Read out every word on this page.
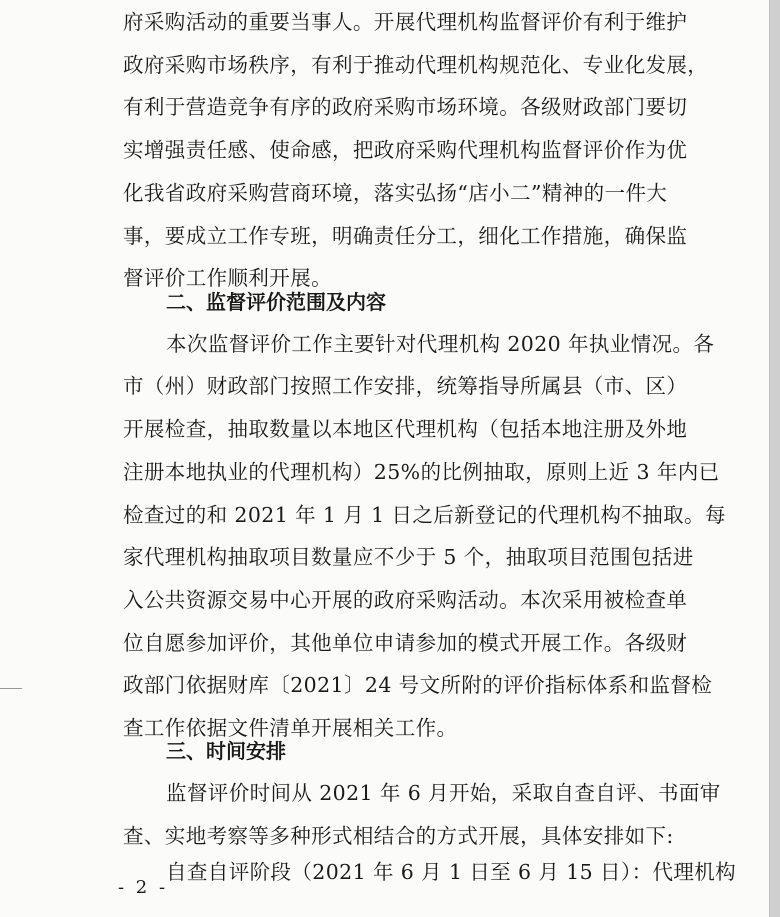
府采购活动的重要当事人。开展代理机构监督评价有利于维护
政府采购市场秩序，有利于推动代理机构规范化、专业化发展，
有利于营造竞争有序的政府采购市场环境。各级财政部门要切
实增强责任感、使命感，把政府采购代理机构监督评价作为优
化我省政府采购营商环境，落实弘扬“店小二”精神的一件大
事，要成立工作专班，明确责任分工，细化工作措施，确保监
督评价工作顺利开展。
二、监督评价范围及内容
本次监督评价工作主要针对代理机构 2020 年执业情况。各
市（州）财政部门按照工作安排，统筹指导所属县（市、区）
开展检查，抽取数量以本地区代理机构（包括本地注册及外地
注册本地执业的代理机构）25%的比例抽取，原则上近 3 年内已
检查过的和 2021 年 1 月 1 日之后新登记的代理机构不抽取。每
家代理机构抽取项目数量应不少于 5 个，抽取项目范围包括进
入公共资源交易中心开展的政府采购活动。本次采用被检查单
位自愿参加评价，其他单位申请参加的模式开展工作。各级财
政部门依据财库〔2021〕24 号文所附的评价指标体系和监督检
查工作依据文件清单开展相关工作。
三、时间安排
监督评价时间从 2021 年 6 月开始，采取自查自评、书面审
查、实地考察等多种形式相结合的方式开展，具体安排如下:
自查自评阶段（2021 年 6 月 1 日至 6 月 15 日）：代理机构
- 2 -
